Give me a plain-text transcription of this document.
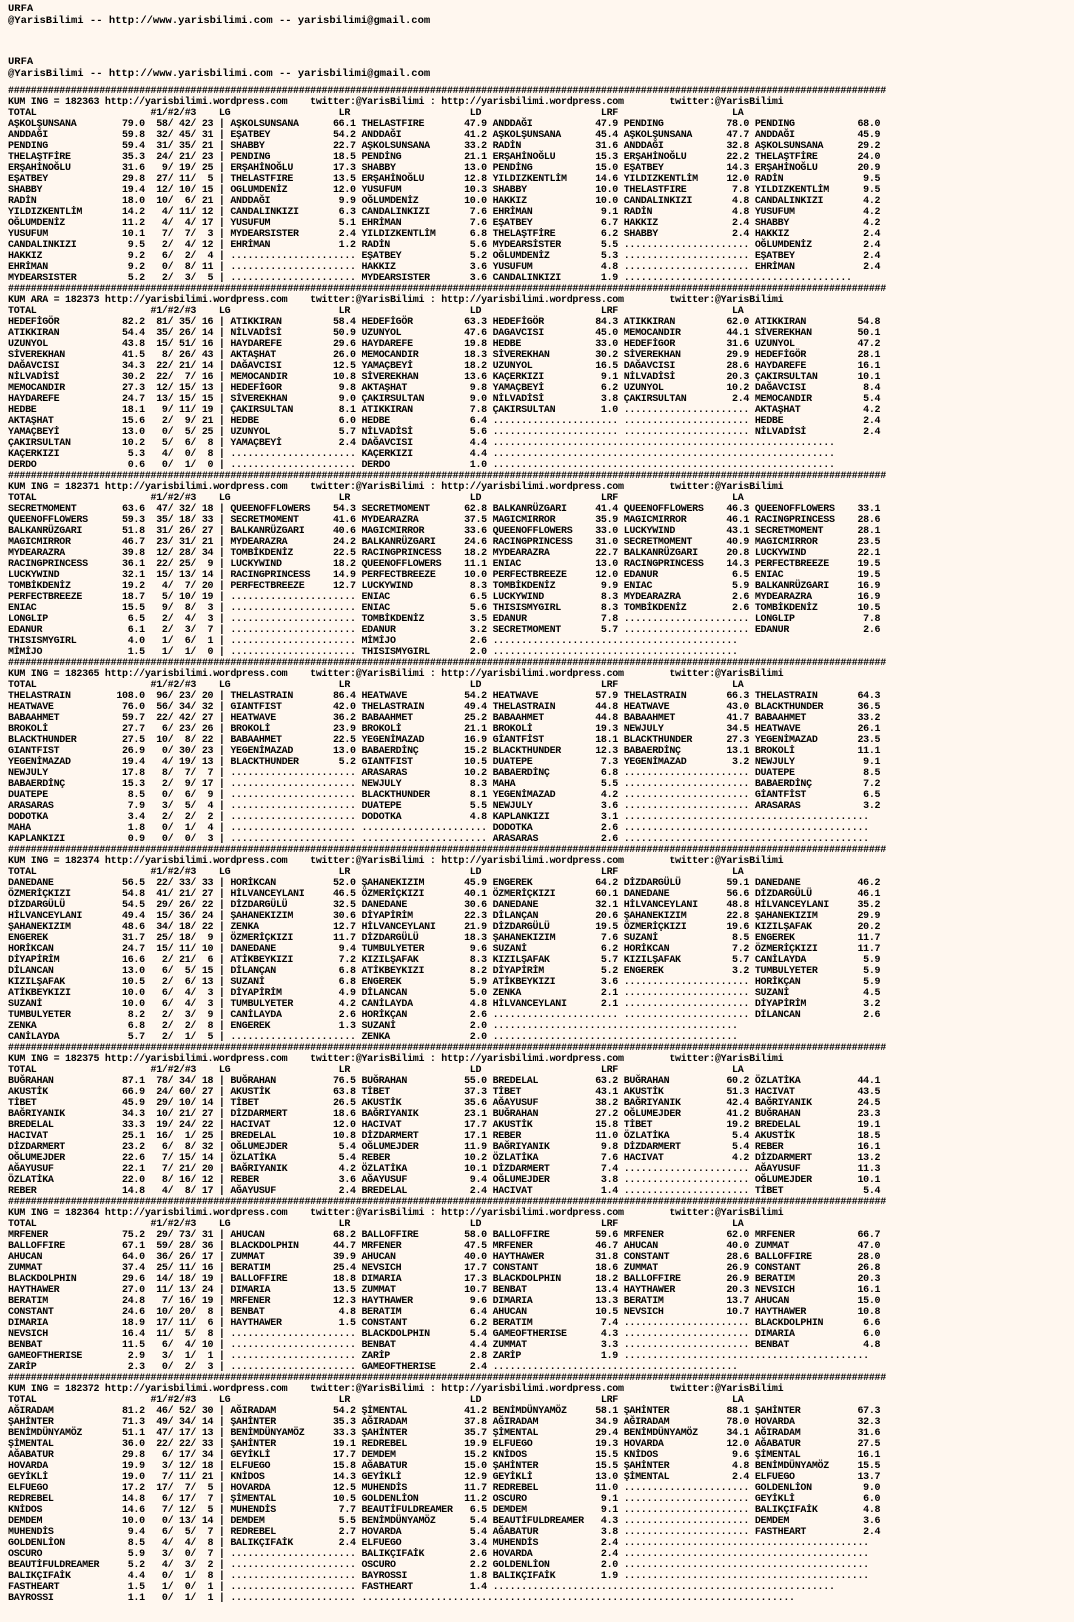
URFA
@YarisBilimi -- http://www.yarisbilimi.com -- yarisbilimi@gmail.com
URFA
@YarisBilimi -- http://www.yarisbilimi.com -- yarisbilimi@gmail.com
##########################################################################################################################################################
KUM ING = 182363 http://yarisbilimi.wordpress.com    twitter:@YarisBilimi : http://yarisbilimi.wordpress.com        twitter:@YarisBilimi
TOTAL                    #1/#2/#3    LG                   LR                     LD                     LRF                    LA
AŞKOLŞUNSANA        79.0  58/ 42/ 23 | AŞKOLSUNSANA      66.1 THELASTFIRE       47.9 ANDDAĞI           47.9 PENDING           78.0 PENDING           68.0
ANDDAĞI             59.8  32/ 45/ 31 | EŞATBEY           54.2 ANDDAĞI           41.2 AŞKOLŞUNSANA      45.4 AŞKOLŞUNSANA      47.7 ANDDAĞI           45.9
PENDING             59.4  31/ 35/ 21 | SHABBY            22.7 AŞKOLSUNSANA      33.2 RADİN             31.6 ANDDAĞI           32.8 AŞKOLSUNSANA      29.2
THELAŞTFİRE         35.3  24/ 21/ 23 | PENDING           18.5 PENDİNG           21.1 ERŞAHİNOĞLU       15.3 ERŞAHİNOĞLU       22.2 THELAŞTFİRE       24.0
ERŞAHİNOĞLU         31.6   9/ 19/ 25 | ERŞAHİNOĞLU       17.3 SHABBY            13.0 PENDİNG           15.0 EŞATBEY           14.3 ERŞAHİNOĞLU       20.9
EŞATBEY             29.8  27/ 11/  5 | THELASTFIRE       13.5 ERŞAHİNOĞLU       12.8 YILDIZKENTLİM     14.6 YILDIZKENTLİM     12.0 RADİN              9.5
SHABBY              19.4  12/ 10/ 15 | OGLUMDENİZ        12.0 YUSUFUM           10.3 SHABBY            10.0 THELASTFIRE        7.8 YILDIZKENTLİM      9.5
RADİN               18.0  10/  6/ 21 | ANDDAĞI            9.9 OĞLUMDENİZ        10.0 HAKKIZ            10.0 CANDALINKIZI       4.8 CANDALINKIZI       4.2
YILDIZKENTLİM       14.2   4/ 11/ 12 | CANDALINKIZI       6.3 CANDALINKIZI       7.6 EHRİMAN            9.1 RADİN              4.8 YUSUFUM            4.2
OĞLUMDENİZ          11.2   4/  4/ 17 | YUSUFUM            5.1 EHRİMAN            7.6 EŞATBEY            6.7 HAKKIZ             2.4 SHABBY             4.2
YUSUFUM             10.1   7/  7/  3 | MYDEARSISTER       2.4 YILDIZKENTLİM      6.8 THELAŞTFİRE        6.2 SHABBY             2.4 HAKKIZ             2.4
CANDALINKIZI         9.5   2/  4/ 12 | EHRİMAN            1.2 RADİN              5.6 MYDEARSİSTER       5.5 ...................... OĞLUMDENİZ         2.4
HAKKIZ               9.2   6/  2/  4 | ...................... EŞATBEY            5.2 OĞLUMDENİZ         5.3 ...................... EŞATBEY            2.4
EHRİMAN              9.2   0/  8/ 11 | ...................... HAKKIZ             3.6 YUSUFUM            4.8 ...................... EHRİMAN            2.4
MYDEARSISTER         5.2   2/  3/  5 | ...................... MYDEARSISTER       3.6 CANDALINKIZI       1.9 ........................................
##########################################################################################################################################################
KUM ARA = 182373 http://yarisbilimi.wordpress.com    twitter:@YarisBilimi : http://yarisbilimi.wordpress.com        twitter:@YarisBilimi
TOTAL                    #1/#2/#3    LG                   LR                     LD                     LRF                    LA
HEDEFİGÖR           82.2  81/ 35/ 16 | ATIKKIRAN         58.4 HEDEFİGÖR         63.3 HEDEFİGÖR         84.3 ATIKKIRAN         62.0 ATIKKIRAN         54.8
ATIKKIRAN           54.4  35/ 26/ 14 | NİLVADİSİ         50.9 UZUNYOL           47.6 DAGAVCISI         45.0 MEMOCANDIR        44.1 SİVEREKHAN        50.1
UZUNYOL             43.8  15/ 51/ 16 | HAYDAREFE         29.6 HAYDAREFE         19.8 HEDBE             33.0 HEDEFİGOR         31.6 UZUNYOL           47.2
SİVEREKHAN          41.5   8/ 26/ 43 | AKTAŞHAT          26.0 MEMOCANDIR        18.3 SİVEREKHAN        30.2 SİVEREKHAN        29.9 HEDEFİGÖR         28.1
DAĞAVCISI           34.3  22/ 21/ 14 | DAĞAVCISI         12.5 YAMAÇBEYİ         18.2 UZUNYOL           16.5 DAĞAVCISI         28.6 HAYDAREFE         16.1
NİLVADİSİ           30.2  22/  7/ 16 | MEMOCANDIR        10.8 SİVEREKHAN        13.6 KAÇERKIZI          9.1 NİLVADİSİ         20.3 ÇAKIRSULTAN       10.1
MEMOCANDIR          27.3  12/ 15/ 13 | HEDEFİGOR          9.8 AKTAŞHAT           9.8 YAMAÇBEYİ          6.2 UZUNYOL           10.2 DAĞAVCISI          8.4
HAYDAREFE           24.7  13/ 15/ 15 | SİVEREKHAN         9.0 ÇAKIRSULTAN        9.0 NİLVADİSİ          3.8 ÇAKIRSULTAN        2.4 MEMOCANDIR         5.4
HEDBE               18.1   9/ 11/ 19 | ÇAKIRSULTAN        8.1 ATIKKIRAN          7.8 ÇAKIRSULTAN        1.0 ...................... AKTAŞHAT           4.2
AKTAŞHAT            15.6   2/  9/ 21 | HEDBE              6.0 HEDBE              6.4 ...................... ...................... HEDBE              2.4
YAMAÇBEYİ           13.0   0/  5/ 25 | UZUNYOL            5.7 NİLVADİSİ          5.6 ...................... ...................... NİLVADİSİ          2.4
ÇAKIRSULTAN         10.2   5/  6/  8 | YAMAÇBEYİ          2.4 DAĞAVCISI          4.4 ............................................................
KAÇERKIZI            5.3   4/  0/  8 | ...................... KAÇERKIZI          4.4 ............................................................
DERDO                0.6   0/  1/  0 | ...................... DERDO              1.0 ............................................................
##########################################################################################################################################################
KUM ING = 182371 http://yarisbilimi.wordpress.com    twitter:@YarisBilimi : http://yarisbilimi.wordpress.com        twitter:@YarisBilimi
TOTAL                    #1/#2/#3    LG                   LR                     LD                     LRF                    LA
SECRETMOMENT        63.6  47/ 32/ 18 | QUEENOFFLOWERS    54.3 SECRETMOMENT      62.8 BALKANRÜZGARI     41.4 QUEENOFFLOWERS    46.3 QUEENOFFLOWERS    33.1
QUEENOFFLOWERS      59.3  35/ 18/ 33 | SECRETMOMENT      41.6 MYDEARAZRA        37.5 MAGICMIRROR       35.9 MAGICMIRROR       46.1 RACINGPRINCESS    28.6
BALKANRÜZGARI       51.8  31/ 26/ 27 | BALKANRÜZGARI     40.6 MAGICMIRROR       33.6 QUEENOFFLOWERS    33.0 LUCKYWIND         43.1 SECRETMOMENT      28.1
MAGICMIRROR         46.7  23/ 31/ 21 | MYDEARAZRA        24.2 BALKANRÜZGARI     24.6 RACINGPRINCESS    31.0 SECRETMOMENT      40.9 MAGICMIRROR       23.5
MYDEARAZRA          39.8  12/ 28/ 34 | TOMBİKDENİZ       22.5 RACINGPRINCESS    18.2 MYDEARAZRA        22.7 BALKANRÜZGARI     20.8 LUCKYWIND         22.1
RACINGPRINCESS      36.1  22/ 25/  9 | LUCKYWIND         18.2 QUEENOFFLOWERS    11.1 ENIAC             13.0 RACINGPRINCESS    14.3 PERFECTBREEZE     19.5
LUCKYWIND           32.1  15/ 13/ 14 | RACINGPRINCESS    14.9 PERFECTBREEZE     10.0 PERFECTBREEZE     12.0 EDANUR             6.5 ENIAC             19.5
TOMBİKDENİZ         19.2   4/  7/ 20 | PERFECTBREEZE     12.7 LUCKYWIND          8.3 TOMBİKDENİZ        9.9 ENIAC              5.9 BALKANRÜZGARI     16.9
PERFECTBREEZE       18.7   5/ 10/ 19 | ...................... ENIAC              6.5 LUCKYWIND          8.3 MYDEARAZRA         2.6 MYDEARAZRA        16.9
ENIAC               15.5   9/  8/  3 | ...................... ENIAC              5.6 THISISMYGIRL       8.3 TOMBİKDENİZ        2.6 TOMBİKDENİZ       10.5
LONGLIP              6.5   2/  4/  3 | ...................... TOMBİKDENİZ        3.5 EDANUR             7.8 ...................... LONGLIP            7.8
EDANUR               6.1   2/  3/  7 | ...................... EDANUR             3.2 SECRETMOMENT       5.7 ...................... EDANUR             2.6
THISISMYGIRL         4.0   1/  6/  1 | ...................... MİMİJO             2.6 ...........................................
MİMİJO               1.5   1/  1/  0 | ...................... THISISMYGIRL       2.0 ...........................................
##########################################################################################################################################################
KUM ING = 182365 http://yarisbilimi.wordpress.com    twitter:@YarisBilimi : http://yarisbilimi.wordpress.com        twitter:@YarisBilimi
TOTAL                    #1/#2/#3    LG                   LR                     LD                     LRF                    LA
THELASTRAIN        108.0  96/ 23/ 20 | THELASTRAIN       86.4 HEATWAVE          54.2 HEATWAVE          57.9 THELASTRAIN       66.3 THELASTRAIN       64.3
HEATWAVE            76.0  56/ 34/ 32 | GIANTFIST         42.0 THELASTRAIN       49.4 THELASTRAIN       44.8 HEATWAVE          43.0 BLACKTHUNDER      36.5
BABAAHMET           59.7  22/ 42/ 27 | HEATWAVE          36.2 BABAAHMET         25.2 BABAAHMET         44.8 BABAAHMET         41.7 BABAAHMET         33.2
BROKOLİ             27.7   6/ 23/ 26 | BROKOLİ           23.9 BROKOLİ           21.1 BROKOLİ           19.3 NEWJULY           34.5 HEATWAVE          26.1
BLACKTHUNDER        27.5  10/  8/ 22 | BABAAHMET         22.5 YEGENİMAZAD       16.9 GİANTFİST         18.1 BLACKTHUNDER      27.3 YEGENİMAZAD       23.5
GIANTFIST           26.9   0/ 30/ 23 | YEGENİMAZAD       13.0 BABAERDİNÇ        15.2 BLACKTHUNDER      12.3 BABAERDİNÇ        13.1 BROKOLİ           11.1
YEGENİMAZAD         19.4   4/ 19/ 13 | BLACKTHUNDER       5.2 GIANTFIST         10.5 DUATEPE            7.3 YEGENİMAZAD        3.2 NEWJULY            9.1
NEWJULY             17.8   8/  7/  7 | ...................... ARASARAS          10.2 BABAERDİNÇ         6.8 ...................... DUATEPE            8.5
BABAERDİNÇ          15.3   2/  9/ 17 | ...................... NEWJULY            8.3 MAHA               5.5 ...................... BABAERDİNÇ         7.2
DUATEPE              8.5   0/  6/  9 | ...................... BLACKTHUNDER       8.1 YEGENİMAZAD        4.2 ...................... GİANTFİST          6.5
ARASARAS             7.9   3/  5/  4 | ...................... DUATEPE            5.5 NEWJULY            3.6 ...................... ARASARAS           3.2
DODOTKA              3.4   2/  2/  2 | ...................... DODOTKA            4.8 KAPLANKIZI         3.1 ...........................................
MAHA                 1.8   0/  1/  4 | ...................... ...................... DODOTKA            2.6 ...........................................
KAPLANKIZI           0.9   0/  0/  3 | ...................... ...................... ARASARAS           2.6 ...........................................
##########################################################################################################################################################
KUM ING = 182374 http://yarisbilimi.wordpress.com    twitter:@YarisBilimi : http://yarisbilimi.wordpress.com        twitter:@YarisBilimi
TOTAL                    #1/#2/#3    LG                   LR                     LD                     LRF                    LA
DANEDANE            56.5  22/ 33/ 33 | HORİKCAN          52.0 ŞAHANEKIZIM       45.9 ENGEREK           64.2 DİZDARGÜLÜ        59.1 DANEDANE          46.2
ÖZMERİÇKIZI         54.8  41/ 21/ 27 | HİLVANCEYLANI     46.5 ÖZMERİÇKIZI       40.1 ÖZMERİÇKIZI       60.1 DANEDANE          56.6 DİZDARGÜLÜ        46.1
DİZDARGÜLÜ          54.5  29/ 26/ 22 | DİZDARGÜLÜ        32.5 DANEDANE          30.6 DANEDANE          32.1 HİLVANCEYLANI     48.8 HİLVANCEYLANI     35.2
HİLVANCEYLANI       49.4  15/ 36/ 24 | ŞAHANEKIZIM       30.6 DİYAPİRİM         22.3 DİLANÇAN          20.6 ŞAHANEKIZIM       22.8 ŞAHANEKIZIM       29.9
ŞAHANEKIZIM         48.6  34/ 18/ 22 | ZENKA             12.7 HİLVANCEYLANI     21.9 DİZDARGÜLÜ        19.5 ÖZMERİÇKIZI       19.6 KIZILŞAFAK        20.2
ENGEREK             31.7  25/ 18/  9 | ÖZMERİÇKIZI       11.7 DİZDARGÜLÜ        18.3 ŞAHANEKIZIM        7.6 SUZANİ             8.5 ENGEREK           11.7
HORİKCAN            24.7  15/ 11/ 10 | DANEDANE           9.4 TUMBULYETER        9.6 SUZANİ             6.2 HORİKCAN           7.2 ÖZMERİÇKIZI       11.7
DİYAPİRİM           16.6   2/ 21/  6 | ATİKBEYKIZI        7.2 KIZILŞAFAK         8.3 KIZILŞAFAK         5.7 KIZILŞAFAK         5.7 CANİLAYDA          5.9
DİLANCAN            13.0   6/  5/ 15 | DİLANÇAN           6.8 ATİKBEYKIZI        8.2 DİYAPİRİM          5.2 ENGEREK            3.2 TUMBULYETER        5.9
KIZILŞAFAK          10.5   2/  6/ 13 | SUZANİ             6.8 ENGEREK            5.9 ATİKBEYKIZI        3.6 ...................... HORİKÇAN           5.9
ATİKBEYKIZI         10.0   6/  4/  3 | DİYAPİRİM          4.9 DİLANCAN           5.0 ZENKA              2.1 ...................... SUZANİ             4.5
SUZANİ              10.0   6/  4/  3 | TUMBULYETER        4.2 CANİLAYDA          4.8 HİLVANCEYLANI      2.1 ...................... DİYAPİRİM          3.2
TUMBULYETER          8.2   2/  3/  9 | CANİLAYDA          2.6 HORİKÇAN           2.6 ...................... ...................... DİLANCAN           2.6
ZENKA                6.8   2/  2/  8 | ENGEREK            1.3 SUZANİ             2.0 ...........................................
CANİLAYDA            5.7   2/  1/  5 | ...................... ZENKA              2.0 ...........................................
##########################################################################################################################################################
KUM ING = 182375 http://yarisbilimi.wordpress.com    twitter:@YarisBilimi : http://yarisbilimi.wordpress.com        twitter:@YarisBilimi
TOTAL                    #1/#2/#3    LG                   LR                     LD                     LRF                    LA
BUĞRAHAN            87.1  78/ 34/ 18 | BUĞRAHAN          76.5 BUĞRAHAN          55.0 BREDELAL          63.2 BUĞRAHAN          60.2 ÖZLATİKA          44.1
AKUSTİK             66.9  24/ 60/ 27 | AKUSTİK           63.8 TİBET             37.3 TİBET             43.1 AKUSTİK           51.3 HACIVAT           43.5
TİBET               45.9  29/ 10/ 14 | TİBET             26.5 AKUSTİK           35.6 AĞAYUSUF          38.2 BAĞRIYANIK        42.4 BAĞRIYANIK        24.5
BAĞRIYANIK          34.3  10/ 21/ 27 | DİZDARMERT        18.6 BAĞRIYANIK        23.1 BUĞRAHAN          27.2 OĞLUMEJDER        41.2 BUĞRAHAN          23.3
BREDELAL            33.3  19/ 24/ 22 | HACIVAT           12.0 HACIVAT           17.7 AKUSTİK           15.8 TİBET             19.2 BREDELAL          19.1
HACIVAT             25.1  16/  1/ 25 | BREDELAL          10.8 DİZDARMERT        17.1 REBER             11.0 ÖZLATİKA           5.4 AKUSTİK           18.5
DİZDARMERT          23.2   6/  8/ 32 | OĞLUMEJDER         5.4 OĞLUMEJDER        11.9 BAĞRIYANIK         9.8 DİZDARMERT         5.4 REBER             16.1
OĞLUMEJDER          22.6   7/ 15/ 14 | ÖZLATİKA           5.4 REBER             10.2 ÖZLATİKA           7.6 HACIVAT            4.2 DİZDARMERT        13.2
AĞAYUSUF            22.1   7/ 21/ 20 | BAĞRIYANIK         4.2 ÖZLATİKA          10.1 DİZDARMERT         7.4 ...................... AĞAYUSUF          11.3
ÖZLATİKA            22.0   8/ 16/ 12 | REBER              3.6 AĞAYUSUF           9.4 OĞLUMEJDER         3.8 ...................... OĞLUMEJDER        10.1
REBER               14.8   4/  8/ 17 | AĞAYUSUF           2.4 BREDELAL           2.4 HACIVAT            1.4 ...................... TİBET              5.4
##########################################################################################################################################################
KUM ING = 182364 http://yarisbilimi.wordpress.com    twitter:@YarisBilimi : http://yarisbilimi.wordpress.com        twitter:@YarisBilimi
TOTAL                    #1/#2/#3    LG                   LR                     LD                     LRF                    LA
MRFENER             75.2  29/ 73/ 31 | AHUCAN            68.2 BALLOFFIRE        58.0 BALLOFFIRE        59.6 MRFENER           62.0 MRFENER           66.7
BALLOFFIRE          67.1  59/ 28/ 36 | BLACKDOLPHIN      44.7 MRFENER           47.5 MRFENER           46.7 AHUCAN            40.0 ZUMMAT            47.0
AHUCAN              64.0  36/ 26/ 17 | ZUMMAT            39.9 AHUCAN            40.0 HAYTHAWER         31.8 CONSTANT          28.6 BALLOFFIRE        28.0
ZUMMAT              37.4  25/ 11/ 16 | BERATIM           25.4 NEVSICH           17.7 CONSTANT          18.6 ZUMMAT            26.9 CONSTANT          26.8
BLACKDOLPHIN        29.6  14/ 18/ 19 | BALLOFFIRE        18.8 DIMARIA           17.3 BLACKDOLPHIN      18.2 BALLOFFIRE        26.9 BERATIM           20.3
HAYTHAWER           27.0  11/ 13/ 24 | DIMARIA           13.5 ZUMMAT            10.7 BENBAT            13.4 HAYTHAWER         20.3 NEVSICH           16.1
BERATIM             24.8   7/ 16/ 19 | MRFENER           12.3 HAYTHAWER          9.6 DIMARIA           13.3 BERATIM           13.7 AHUCAN            15.0
CONSTANT            24.6  10/ 20/  8 | BENBAT             4.8 BERATIM            6.4 AHUCAN            10.5 NEVSICH           10.7 HAYTHAWER         10.8
DIMARIA             18.9  17/ 11/  6 | HAYTHAWER          1.5 CONSTANT           6.2 BERATIM            7.4 ...................... BLACKDOLPHIN       6.6
NEVSICH             16.4  11/  5/  8 | ...................... BLACKDOLPHIN       5.4 GAMEOFTHERISE      4.3 ...................... DIMARIA            6.0
BENBAT              11.5   6/  4/ 10 | ...................... BENBAT             4.4 ZUMMAT             3.3 ...................... BENBAT             4.8
GAMEOFTHERISE        2.9   3/  1/  1 | ...................... ZARİP              2.8 ZARİP              1.9 ...........................................
ZARİP                2.3   0/  2/  3 | ...................... GAMEOFTHERISE      2.4 ...........................................
##########################################################################################################################################################
KUM ING = 182372 http://yarisbilimi.wordpress.com    twitter:@YarisBilimi : http://yarisbilimi.wordpress.com        twitter:@YarisBilimi
TOTAL                    #1/#2/#3    LG                   LR                     LD                     LRF                    LA
AĞIRADAM            81.2  46/ 52/ 30 | AĞIRADAM          54.2 ŞİMENTAL          41.2 BENİMDÜNYAMÖZ     58.1 ŞAHİNTER          88.1 ŞAHİNTER          67.3
ŞAHİNTER            71.3  49/ 34/ 14 | ŞAHİNTER          35.3 AĞIRADAM          37.8 AĞIRADAM          34.9 AĞIRADAM          78.0 HOVARDA           32.3
BENİMDÜNYAMÖZ       51.1  47/ 17/ 13 | BENİMDÜNYAMÖZ     33.3 ŞAHİNTER          35.7 ŞİMENTAL          29.4 BENİMDÜNYAMÖZ     34.1 AĞIRADAM          31.6
ŞİMENTAL            36.0  22/ 22/ 33 | ŞAHİNTER          19.1 REDREBEL          19.9 ELFUEGO           19.3 HOVARDA           12.0 AĞABATUR          27.5
AĞABATUR            29.8   6/ 17/ 34 | GEYİKLİ           17.7 DEMDEM            15.2 KNİDOS            15.5 KNİDOS             9.6 ŞİMENTAL          16.1
HOVARDA             19.9   3/ 12/ 18 | ELFUEGO           15.8 AĞABATUR          15.0 ŞAHİNTER          15.5 ŞAHİNTER           4.8 BENİMDÜNYAMÖZ     15.5
GEYİKLİ             19.0   7/ 11/ 21 | KNİDOS            14.3 GEYİKLİ           12.9 GEYİKLİ           13.0 ŞİMENTAL           2.4 ELFUEGO           13.7
ELFUEGO             17.2  17/  7/  5 | HOVARDA           12.5 MUHENDİS          11.7 REDREBEL          11.0 ...................... GOLDENLİON         9.0
REDREBEL            14.8   6/ 17/  7 | ŞİMENTAL          10.5 GOLDENLİON        11.2 OSCURO             9.1 ...................... GEYİKLİ            6.0
KNİDOS              14.6   7/ 12/  5 | MUHENDİS           7.7 BEAUTİFULDREAMER   6.5 DEMDEM             9.1 ...................... BALIKÇIFAİK        4.8
DEMDEM              10.0   0/ 13/ 14 | DEMDEM             5.5 BENİMDÜNYAMÖZ      5.4 BEAUTİFULDREAMER   4.3 ...................... DEMDEM             3.6
MUHENDİS             9.4   6/  5/  7 | REDREBEL           2.7 HOVARDA            5.4 AĞABATUR           3.8 ...................... FASTHEART          2.4
GOLDENLİON           8.5   4/  4/  8 | BALIKÇIFAİK        2.4 ELFUEGO            3.4 MUHENDİS           2.4 ...........................................
OSCURO               5.9   3/  0/  7 | ...................... BALIKÇIFAİK        2.6 HOVARDA            2.4 ...........................................
BEAUTİFULDREAMER     5.2   4/  3/  2 | ...................... OSCURO             2.2 GOLDENLİON         2.0 ...........................................
BALIKÇIFAİK          4.4   0/  1/  8 | ...................... BAYROSSI           1.8 BALIKÇIFAİK        1.9 ...........................................
FASTHEART            1.5   1/  0/  1 | ...................... FASTHEART          1.4 ............................................................
BAYROSSI             1.1   0/  1/  1 | ...................... ............................................................................
